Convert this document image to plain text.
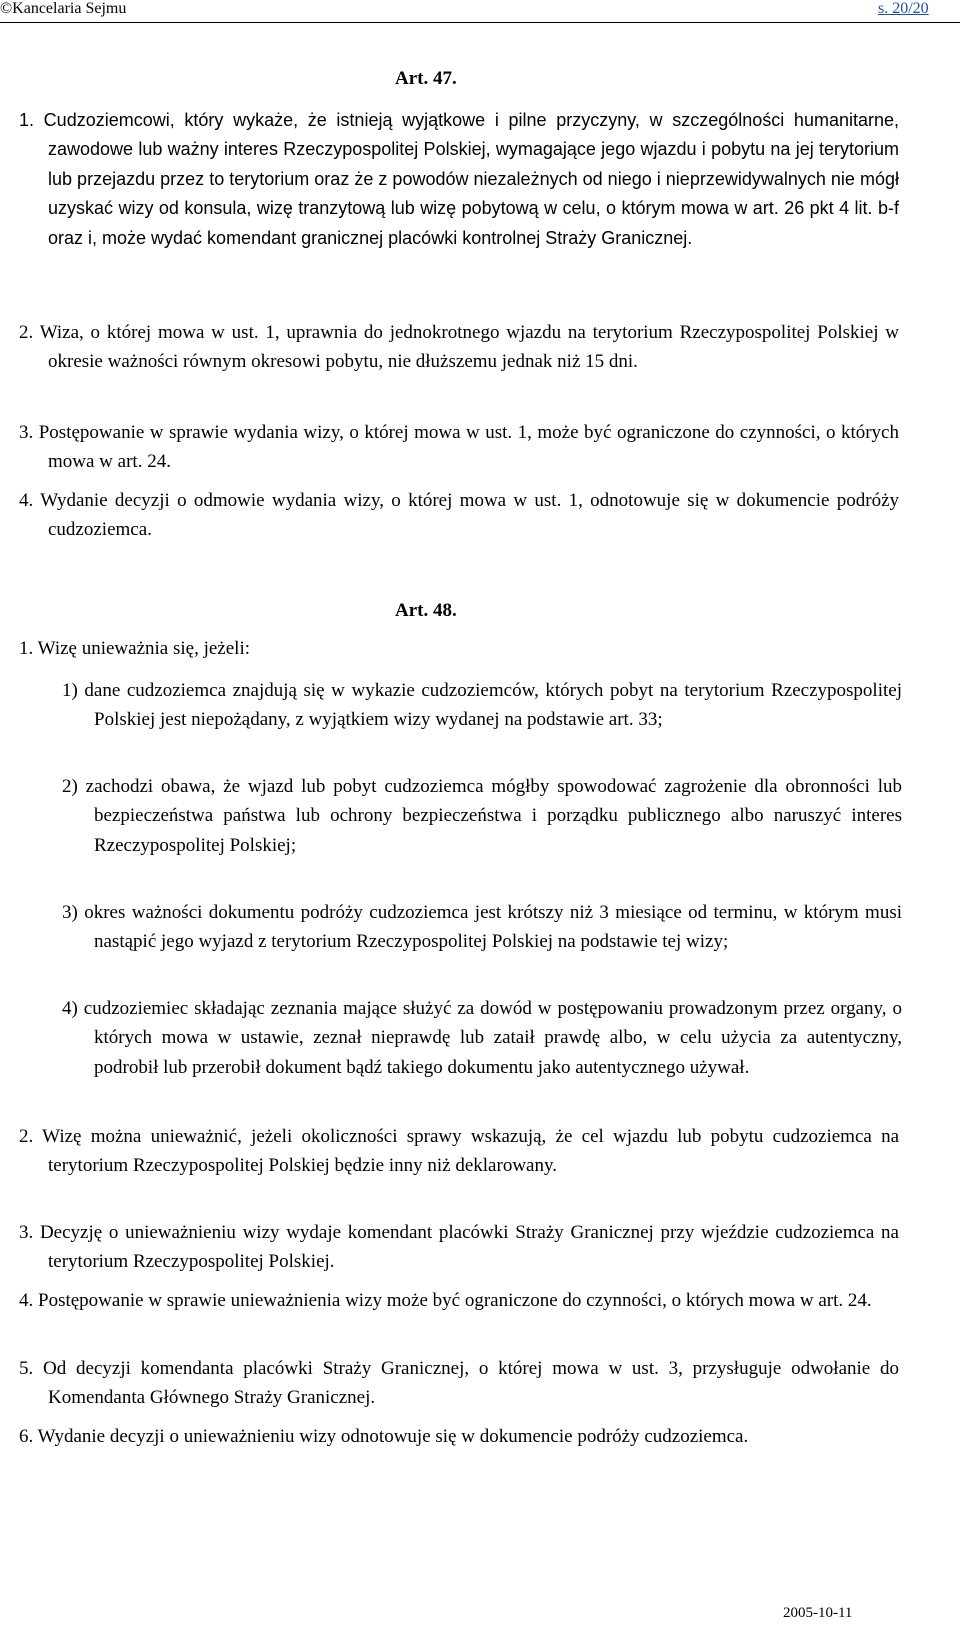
©Kancelaria Sejmu	s. 20/20
Art. 47.
1. Cudzoziemcowi, który wykaże, że istnieją wyjątkowe i pilne przyczyny, w szczególności humanitarne, zawodowe lub ważny interes Rzeczypospolitej Polskiej, wymagające jego wjazdu i pobytu na jej terytorium lub przejazdu przez to terytorium oraz że z powodów niezależnych od niego i nieprzewidywalnych nie mógł uzyskać wizy od konsula, wizę tranzytową lub wizę pobytową w celu, o którym mowa w art. 26 pkt 4 lit. b-f oraz i, może wydać komendant granicznej placówki kontrolnej Straży Granicznej.
2. Wiza, o której mowa w ust. 1, uprawnia do jednokrotnego wjazdu na terytorium Rzeczypospolitej Polskiej w okresie ważności równym okresowi pobytu, nie dłuższemu jednak niż 15 dni.
3. Postępowanie w sprawie wydania wizy, o której mowa w ust. 1, może być ograniczone do czynności, o których mowa w art. 24.
4. Wydanie decyzji o odmowie wydania wizy, o której mowa w ust. 1, odnotowuje się w dokumencie podróży cudzoziemca.
Art. 48.
1. Wizę unieważnia się, jeżeli:
1) dane cudzoziemca znajdują się w wykazie cudzoziemców, których pobyt na terytorium Rzeczypospolitej Polskiej jest niepożądany, z wyjątkiem wizy wydanej na podstawie art. 33;
2) zachodzi obawa, że wjazd lub pobyt cudzoziemca mógłby spowodować zagrożenie dla obronności lub bezpieczeństwa państwa lub ochrony bezpieczeństwa i porządku publicznego albo naruszyć interes Rzeczypospolitej Polskiej;
3) okres ważności dokumentu podróży cudzoziemca jest krótszy niż 3 miesiące od terminu, w którym musi nastąpić jego wyjazd z terytorium Rzeczypospolitej Polskiej na podstawie tej wizy;
4) cudzoziemiec składając zeznania mające służyć za dowód w postępowaniu prowadzonym przez organy, o których mowa w ustawie, zeznał nieprawdę lub zataił prawdę albo, w celu użycia za autentyczny, podrobił lub przerobił dokument bądź takiego dokumentu jako autentycznego używał.
2. Wizę można unieważnić, jeżeli okoliczności sprawy wskazują, że cel wjazdu lub pobytu cudzoziemca na terytorium Rzeczypospolitej Polskiej będzie inny niż deklarowany.
3. Decyzję o unieważnieniu wizy wydaje komendant placówki Straży Granicznej przy wjeździe cudzoziemca na terytorium Rzeczypospolitej Polskiej.
4. Postępowanie w sprawie unieważnienia wizy może być ograniczone do czynności, o których mowa w art. 24.
5. Od decyzji komendanta placówki Straży Granicznej, o której mowa w ust. 3, przysługuje odwołanie do Komendanta Głównego Straży Granicznej.
6. Wydanie decyzji o unieważnieniu wizy odnotowuje się w dokumencie podróży cudzoziemca.
2005-10-11
